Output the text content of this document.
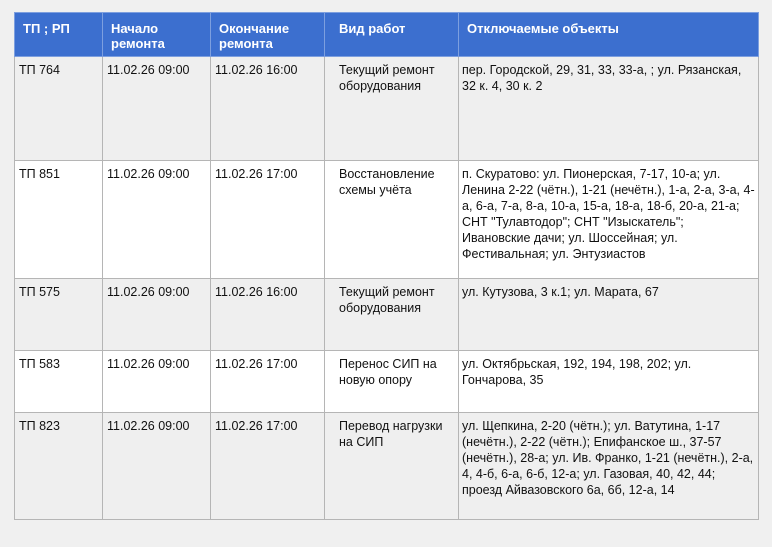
ТП ; РП	Начало ремонта	Окончание ремонта	Вид работ	Отключаемые объекты
ТП 764	11.02.26 09:00	11.02.26 16:00	Текущий ремонт оборудования	пер. Городской, 29, 31, 33, 33-а, ; ул. Рязанская, 32 к. 4, 30 к. 2
ТП 851	11.02.26 09:00	11.02.26 17:00	Восстановление схемы учёта	п. Скуратово: ул. Пионерская, 7-17, 10-а; ул. Ленина 2-22 (чётн.), 1-21 (нечётн.), 1-а, 2-а, 3-а, 4-а, 6-а, 7-а, 8-а, 10-а, 15-а, 18-а, 18-б, 20-а, 21-а; СНТ "Тулавтодор"; СНТ "Изыскатель"; Ивановские дачи; ул. Шоссейная; ул. Фестивальная; ул. Энтузиастов
ТП 575	11.02.26 09:00	11.02.26 16:00	Текущий ремонт оборудования	ул. Кутузова, 3 к.1; ул. Марата, 67
ТП 583	11.02.26 09:00	11.02.26 17:00	Перенос СИП на новую опору	ул. Октябрьская, 192, 194, 198, 202; ул. Гончарова, 35
ТП 823	11.02.26 09:00	11.02.26 17:00	Перевод нагрузки на СИП	ул. Щепкина, 2-20 (чётн.); ул. Ватутина, 1-17 (нечётн.), 2-22 (чётн.); Епифанское ш., 37-57 (нечётн.), 28-а; ул. Ив. Франко, 1-21 (нечётн.), 2-а, 4, 4-б, 6-а, 6-б, 12-а; ул. Газовая, 40, 42, 44; проезд Айвазовского 6а, 6б, 12-а, 14
